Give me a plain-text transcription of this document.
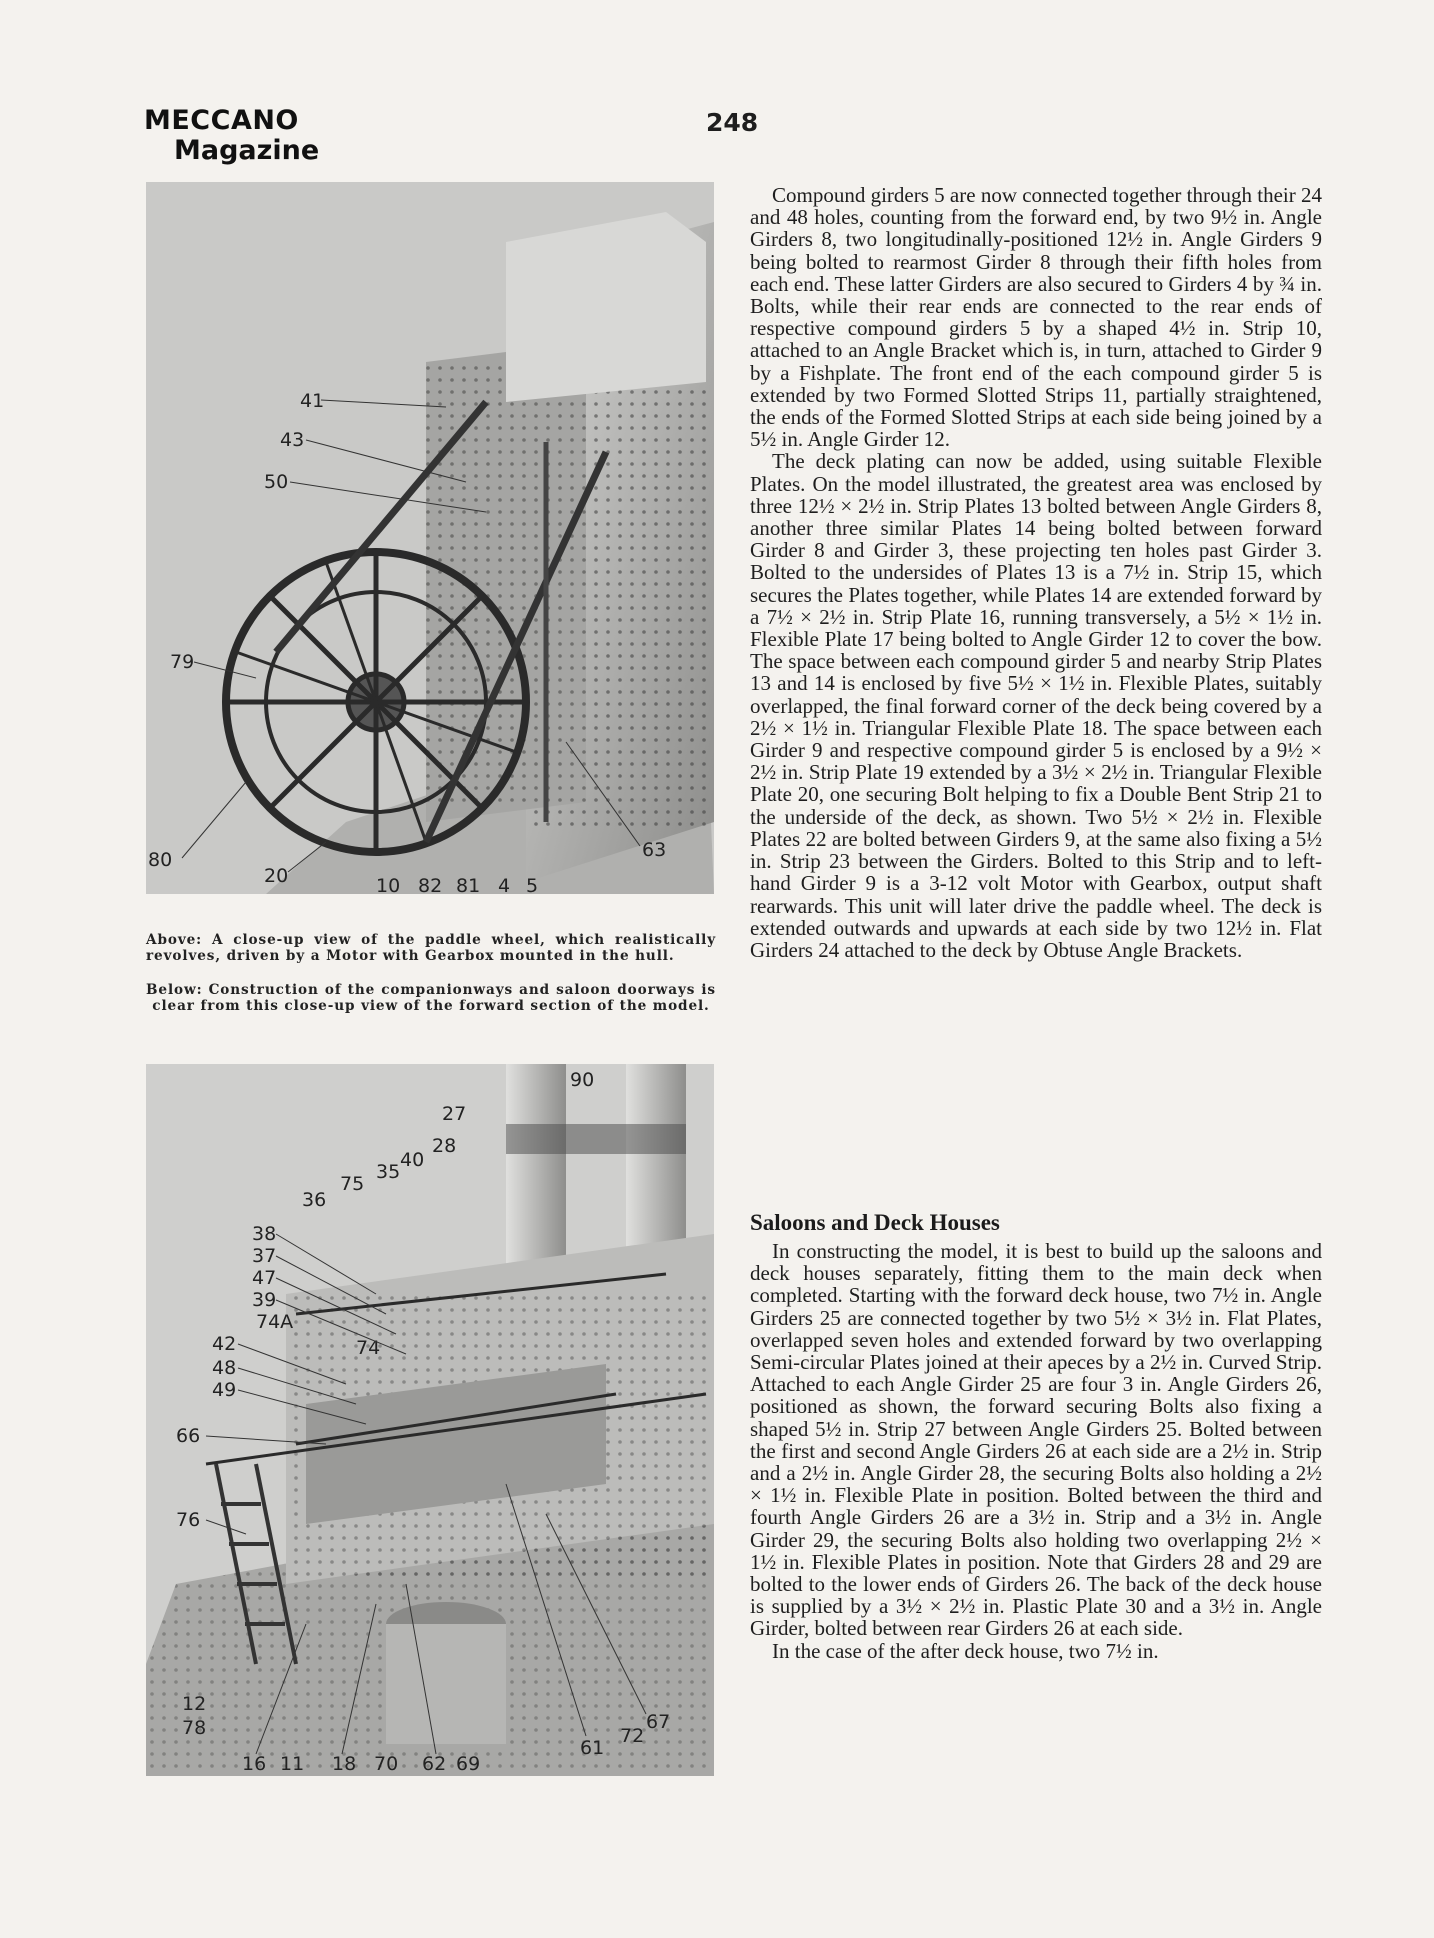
MECCANO
Magazine
248
41
43
50
79
80
20	10 82 81 4 5
63
Above: A close-up view of the paddle wheel, which realistically revolves, driven by a Motor with Gearbox mounted in the hull.
Below: Construction of the companionways and saloon doorways is clear from this close-up view of the forward section of the model.
90
27
28
40
35
75
36
38
37
47
39
74A
74
42
48
49
66
76
12
78
16 11 18 70 62 69
61
72
67

Compound girders 5 are now connected together through their 24 and 48 holes, counting from the forward end, by two 9½ in. Angle Girders 8, two longitudinally-positioned 12½ in. Angle Girders 9 being bolted to rearmost Girder 8 through their fifth holes from each end. These latter Girders are also secured to Girders 4 by ¾ in. Bolts, while their rear ends are connected to the rear ends of respective compound girders 5 by a shaped 4½ in. Strip 10, attached to an Angle Bracket which is, in turn, attached to Girder 9 by a Fishplate. The front end of the each compound girder 5 is extended by two Formed Slotted Strips 11, partially straightened, the ends of the Formed Slotted Strips at each side being joined by a 5½ in. Angle Girder 12.

The deck plating can now be added, using suitable Flexible Plates. On the model illustrated, the greatest area was enclosed by three 12½ × 2½ in. Strip Plates 13 bolted between Angle Girders 8, another three similar Plates 14 being bolted between forward Girder 8 and Girder 3, these projecting ten holes past Girder 3. Bolted to the undersides of Plates 13 is a 7½ in. Strip 15, which secures the Plates together, while Plates 14 are extended forward by a 7½ × 2½ in. Strip Plate 16, running transversely, a 5½ × 1½ in. Flexible Plate 17 being bolted to Angle Girder 12 to cover the bow. The space between each compound girder 5 and nearby Strip Plates 13 and 14 is enclosed by five 5½ × 1½ in. Flexible Plates, suitably overlapped, the final forward corner of the deck being covered by a 2½ × 1½ in. Triangular Flexible Plate 18. The space between each Girder 9 and respective compound girder 5 is enclosed by a 9½ × 2½ in. Strip Plate 19 extended by a 3½ × 2½ in. Triangular Flexible Plate 20, one securing Bolt helping to fix a Double Bent Strip 21 to the underside of the deck, as shown. Two 5½ × 2½ in. Flexible Plates 22 are bolted between Girders 9, at the same also fixing a 5½ in. Strip 23 between the Girders. Bolted to this Strip and to left-hand Girder 9 is a 3-12 volt Motor with Gearbox, output shaft rearwards. This unit will later drive the paddle wheel. The deck is extended outwards and upwards at each side by two 12½ in. Flat Girders 24 attached to the deck by Obtuse Angle Brackets.

Saloons and Deck Houses

In constructing the model, it is best to build up the saloons and deck houses separately, fitting them to the main deck when completed. Starting with the forward deck house, two 7½ in. Angle Girders 25 are connected together by two 5½ × 3½ in. Flat Plates, overlapped seven holes and extended forward by two overlapping Semi-circular Plates joined at their apeces by a 2½ in. Curved Strip. Attached to each Angle Girder 25 are four 3 in. Angle Girders 26, positioned as shown, the forward securing Bolts also fixing a shaped 5½ in. Strip 27 between Angle Girders 25. Bolted between the first and second Angle Girders 26 at each side are a 2½ in. Strip and a 2½ in. Angle Girder 28, the securing Bolts also holding a 2½ × 1½ in. Flexible Plate in position. Bolted between the third and fourth Angle Girders 26 are a 3½ in. Strip and a 3½ in. Angle Girder 29, the securing Bolts also holding two overlapping 2½ × 1½ in. Flexible Plates in position. Note that Girders 28 and 29 are bolted to the lower ends of Girders 26. The back of the deck house is supplied by a 3½ × 2½ in. Plastic Plate 30 and a 3½ in. Angle Girder, bolted between rear Girders 26 at each side.

In the case of the after deck house, two 7½ in.
